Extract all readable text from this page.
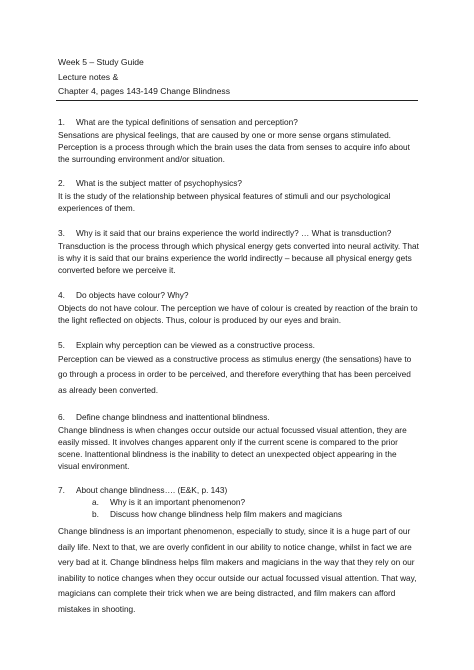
Week 5 – Study Guide
Lecture notes &
Chapter 4, pages 143-149 Change Blindness
1. What are the typical definitions of sensation and perception?
Sensations are physical feelings, that are caused by one or more sense organs stimulated. Perception is a process through which the brain uses the data from senses to acquire info about the surrounding environment and/or situation.
2. What is the subject matter of psychophysics?
It is the study of the relationship between physical features of stimuli and our psychological experiences of them.
3. Why is it said that our brains experience the world indirectly? … What is transduction?
Transduction is the process through which physical energy gets converted into neural activity. That is why it is said that our brains experience the world indirectly – because all physical energy gets converted before we perceive it.
4. Do objects have colour? Why?
Objects do not have colour. The perception we have of colour is created by reaction of the brain to the light reflected on objects. Thus, colour is produced by our eyes and brain.
5. Explain why perception can be viewed as a constructive process.
Perception can be viewed as a constructive process as stimulus energy (the sensations) have to go through a process in order to be perceived, and therefore everything that has been perceived as already been converted.
6. Define change blindness and inattentional blindness.
Change blindness is when changes occur outside our actual focussed visual attention, they are easily missed. It involves changes apparent only if the current scene is compared to the prior scene. Inattentional blindness is the inability to detect an unexpected object appearing in the visual environment.
7. About change blindness…. (E&K, p. 143)
a. Why is it an important phenomenon?
b. Discuss how change blindness help film makers and magicians
Change blindness is an important phenomenon, especially to study, since it is a huge part of our daily life. Next to that, we are overly confident in our ability to notice change, whilst in fact we are very bad at it. Change blindness helps film makers and magicians in the way that they rely on our inability to notice changes when they occur outside our actual focussed visual attention. That way, magicians can complete their trick when we are being distracted, and film makers can afford mistakes in shooting.
